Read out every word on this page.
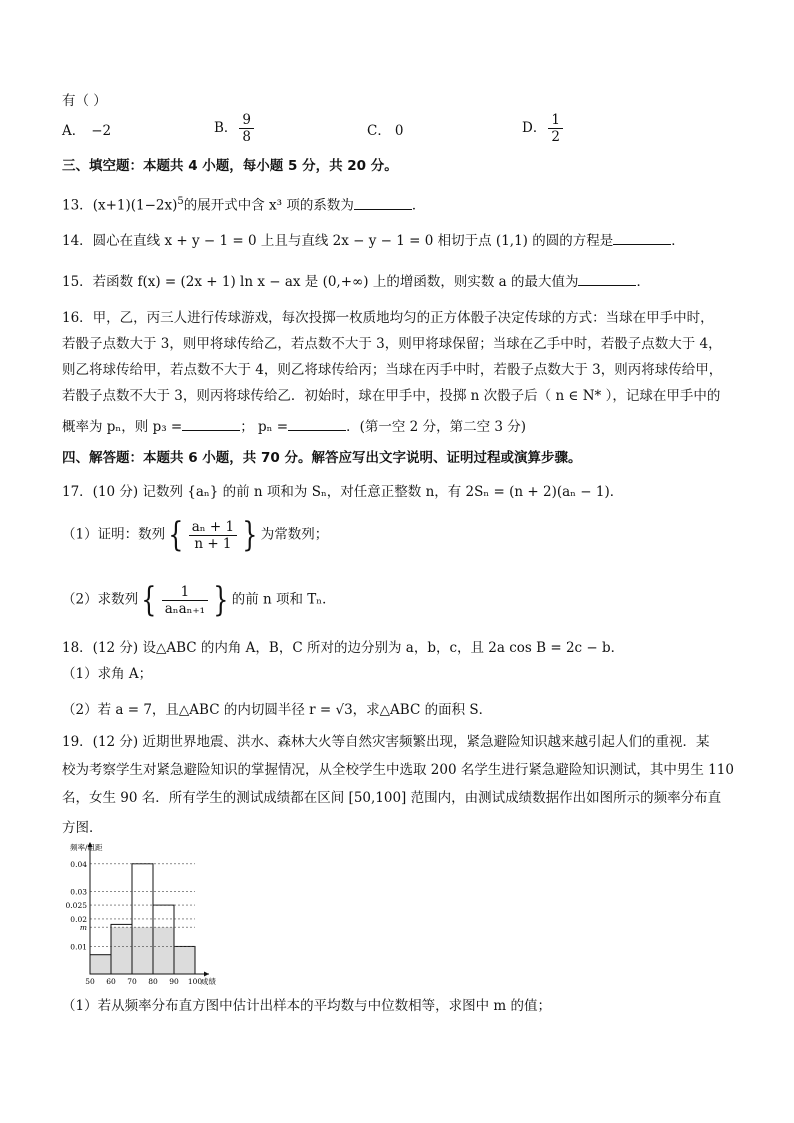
有（ ）
A． −2	B． $\frac{9}{8}$	C． 0	D． $\frac{1}{2}$
三、填空题：本题共 4 小题，每小题 5 分，共 20 分。
13．$(x+1)(1-2x)^5$的展开式中含 x³ 项的系数为	．
14．圆心在直线 x + y − 1 = 0 上且与直线 2x − y − 1 = 0 相切于点 (1,1) 的圆的方程是	．
15．若函数 f(x) = (2x + 1) ln x − ax 是 (0,+∞) 上的增函数，则实数 a 的最大值为	．
16．甲，乙，丙三人进行传球游戏，每次投掷一枚质地均匀的正方体骰子决定传球的方式：当球在甲手中时，
若骰子点数大于 3，则甲将球传给乙，若点数不大于 3，则甲将球保留；当球在乙手中时，若骰子点数大于 4，
则乙将球传给甲，若点数不大于 4，则乙将球传给丙；当球在丙手中时，若骰子点数大于 3，则丙将球传给甲，
若骰子点数不大于 3，则丙将球传给乙．初始时，球在甲手中，投掷 n 次骰子后（ n ∈ N* ），记球在甲手中的
概率为 pₙ，则 p₃ =	； pₙ =	．(第一空 2 分，第二空 3 分)
四、解答题：本题共 6 小题，共 70 分。解答应写出文字说明、证明过程或演算步骤。
17．(10 分) 记数列 {aₙ} 的前 n 项和为 Sₙ，对任意正整数 n，有 2Sₙ = (n + 2)(aₙ − 1)．
（1）证明：数列{ $\frac{\text{aₙ + 1}}{n + 1}$ } 为常数列；
（2）求数列{ $\frac{1}{\text{aₙaₙ₊₁}}$ } 的前 n 项和 Tₙ．
18．(12 分) 设△ABC 的内角 A，B，C 所对的边分别为 a，b，c，且 2a cos B = 2c − b．
（1）求角 A；
（2）若 a = 7，且△ABC 的内切圆半径 r = √3，求△ABC 的面积 S．
19．(12 分) 近期世界地震、洪水、森林大火等自然灾害频繁出现，紧急避险知识越来越引起人们的重视．某
校为考察学生对紧急避险知识的掌握情况，从全校学生中选取 200 名学生进行紧急避险知识测试，其中男生 110
名，女生 90 名．所有学生的测试成绩都在区间 [50,100] 范围内，由测试成绩数据作出如图所示的频率分布直
方图．
0.04
0.03
0.025
0.02
m
0.01
50 60 70 80 90 100
成绩
频率/组距
（1）若从频率分布直方图中估计出样本的平均数与中位数相等，求图中 m 的值；
